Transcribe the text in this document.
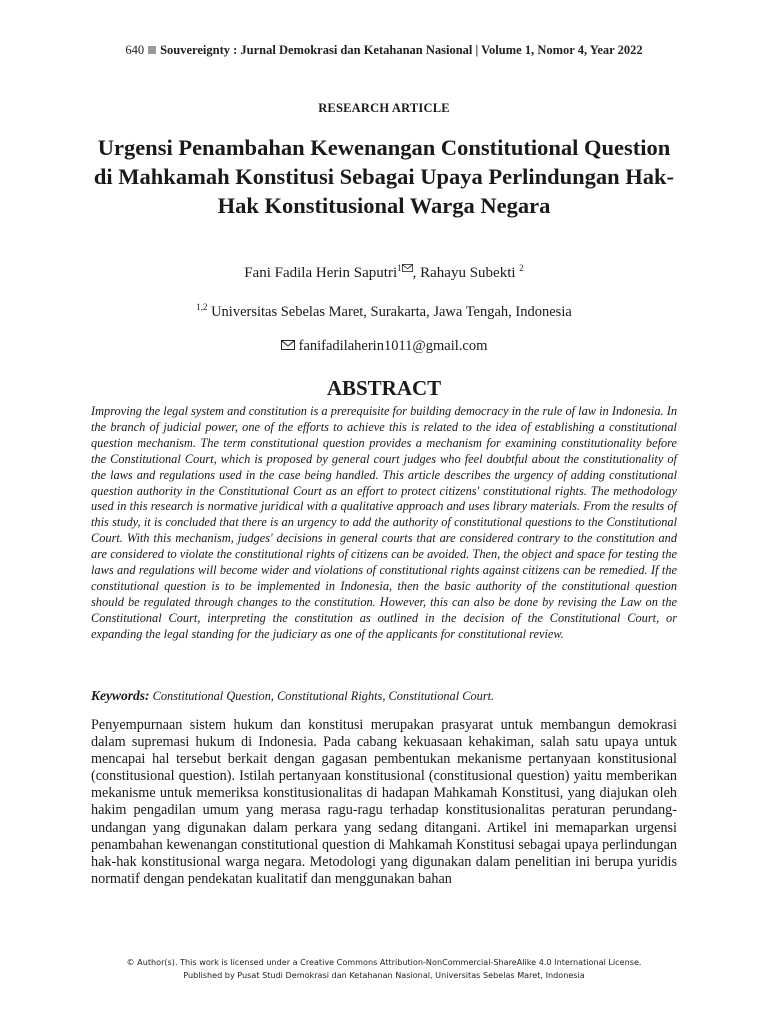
640 Souvereignty : Jurnal Demokrasi dan Ketahanan Nasional | Volume 1, Nomor 4, Year 2022
RESEARCH ARTICLE
Urgensi Penambahan Kewenangan Constitutional Question di Mahkamah Konstitusi Sebagai Upaya Perlindungan Hak-Hak Konstitusional Warga Negara
Fani Fadila Herin Saputri$^1$ , Rahayu Subekti $^2$
$^{1,2}$ Universitas Sebelas Maret, Surakarta, Jawa Tengah, Indonesia
fanifadilaherin1011@gmail.com
ABSTRACT
Improving the legal system and constitution is a prerequisite for building democracy in the rule of law in Indonesia. In the branch of judicial power, one of the efforts to achieve this is related to the idea of establishing a constitutional question mechanism. The term constitutional question provides a mechanism for examining constitutionality before the Constitutional Court, which is proposed by general court judges who feel doubtful about the constitutionality of the laws and regulations used in the case being handled. This article describes the urgency of adding constitutional question authority in the Constitutional Court as an effort to protect citizens' constitutional rights. The methodology used in this research is normative juridical with a qualitative approach and uses library materials. From the results of this study, it is concluded that there is an urgency to add the authority of constitutional questions to the Constitutional Court. With this mechanism, judges' decisions in general courts that are considered contrary to the constitution and are considered to violate the constitutional rights of citizens can be avoided. Then, the object and space for testing the laws and regulations will become wider and violations of constitutional rights against citizens can be remedied. If the constitutional question is to be implemented in Indonesia, then the basic authority of the constitutional question should be regulated through changes to the constitution. However, this can also be done by revising the Law on the Constitutional Court, interpreting the constitution as outlined in the decision of the Constitutional Court, or expanding the legal standing for the judiciary as one of the applicants for constitutional review.
Keywords: Constitutional Question, Constitutional Rights, Constitutional Court.
Penyempurnaan sistem hukum dan konstitusi merupakan prasyarat untuk membangun demokrasi dalam supremasi hukum di Indonesia. Pada cabang kekuasaan kehakiman, salah satu upaya untuk mencapai hal tersebut berkait dengan gagasan pembentukan mekanisme pertanyaan konstitusional (constitusional question). Istilah pertanyaan konstitusional (constitusional question) yaitu memberikan mekanisme untuk memeriksa konstitusionalitas di hadapan Mahkamah Konstitusi, yang diajukan oleh hakim pengadilan umum yang merasa ragu-ragu terhadap konstitusionalitas peraturan perundang-undangan yang digunakan dalam perkara yang sedang ditangani. Artikel ini memaparkan urgensi penambahan kewenangan constitutional question di Mahkamah Konstitusi sebagai upaya perlindungan hak-hak konstitusional warga negara. Metodologi yang digunakan dalam penelitian ini berupa yuridis normatif dengan pendekatan kualitatif dan menggunakan bahan
© Author(s). This work is licensed under a Creative Commons Attribution-NonCommercial-ShareAlike 4.0 International License.
Published by Pusat Studi Demokrasi dan Ketahanan Nasional, Universitas Sebelas Maret, Indonesia
